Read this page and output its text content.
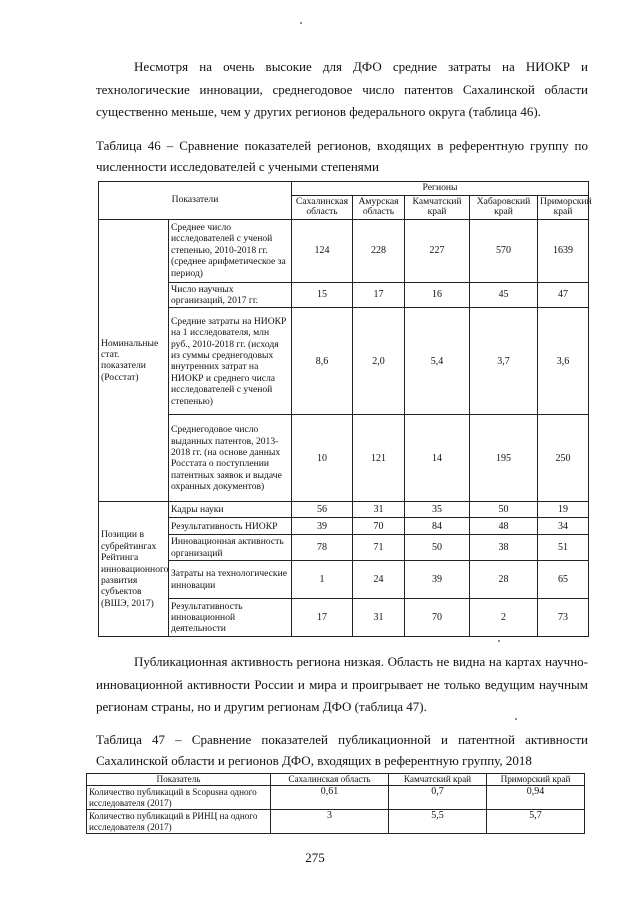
Несмотря на очень высокие для ДФО средние затраты на НИОКР и технологические инновации, среднегодовое число патентов Сахалинской области существенно меньше, чем у других регионов федерального округа (таблица 46).

Таблица 46 – Сравнение показателей регионов, входящих в референтную группу по численности исследователей с учеными степенями

Показатели		Регионы				
		Сахалинская область	Амурская область	Камчатский край	Хабаровский край	Приморский край
Номинальные стат. показатели (Росстат)	Среднее число исследователей с ученой степенью, 2010-2018 гг. (среднее арифметическое за период)	124	228	227	570	1639
	Число научных организаций, 2017 гг.	15	17	16	45	47
	Средние затраты на НИОКР на 1 исследователя, млн руб., 2010-2018 гг. (исходя из суммы среднегодовых внутренних затрат на НИОКР и среднего числа исследователей с ученой степенью)	8,6	2,0	5,4	3,7	3,6
	Среднегодовое число выданных патентов, 2013-2018 гг. (на основе данных Росстата о поступлении патентных заявок и выдаче охранных документов)	10	121	14	195	250
Позиции в субрейтингах Рейтинга инновационного развития субъектов (ВШЭ, 2017)	Кадры науки	56	31	35	50	19
	Результативность НИОКР	39	70	84	48	34
	Инновационная активность организаций	78	71	50	38	51
	Затраты на технологические инновации	1	24	39	28	65
	Результативность инновационной деятельности	17	31	70	2	73

Публикационная активность региона низкая. Область не видна на картах научно- инновационной активности России и мира и проигрывает не только ведущим научным регионам страны, но и другим регионам ДФО (таблица 47).

Таблица 47 – Сравнение показателей публикационной и патентной активности Сахалинской области и регионов ДФО, входящих в референтную группу, 2018

Показатель	Сахалинская область	Камчатский край	Приморский край
Количество публикаций в Scopusна одного исследователя (2017)	0,61	0,7	0,94
Количество публикаций в РИНЦ на одного исследователя (2017)	3	5,5	5,7
275
